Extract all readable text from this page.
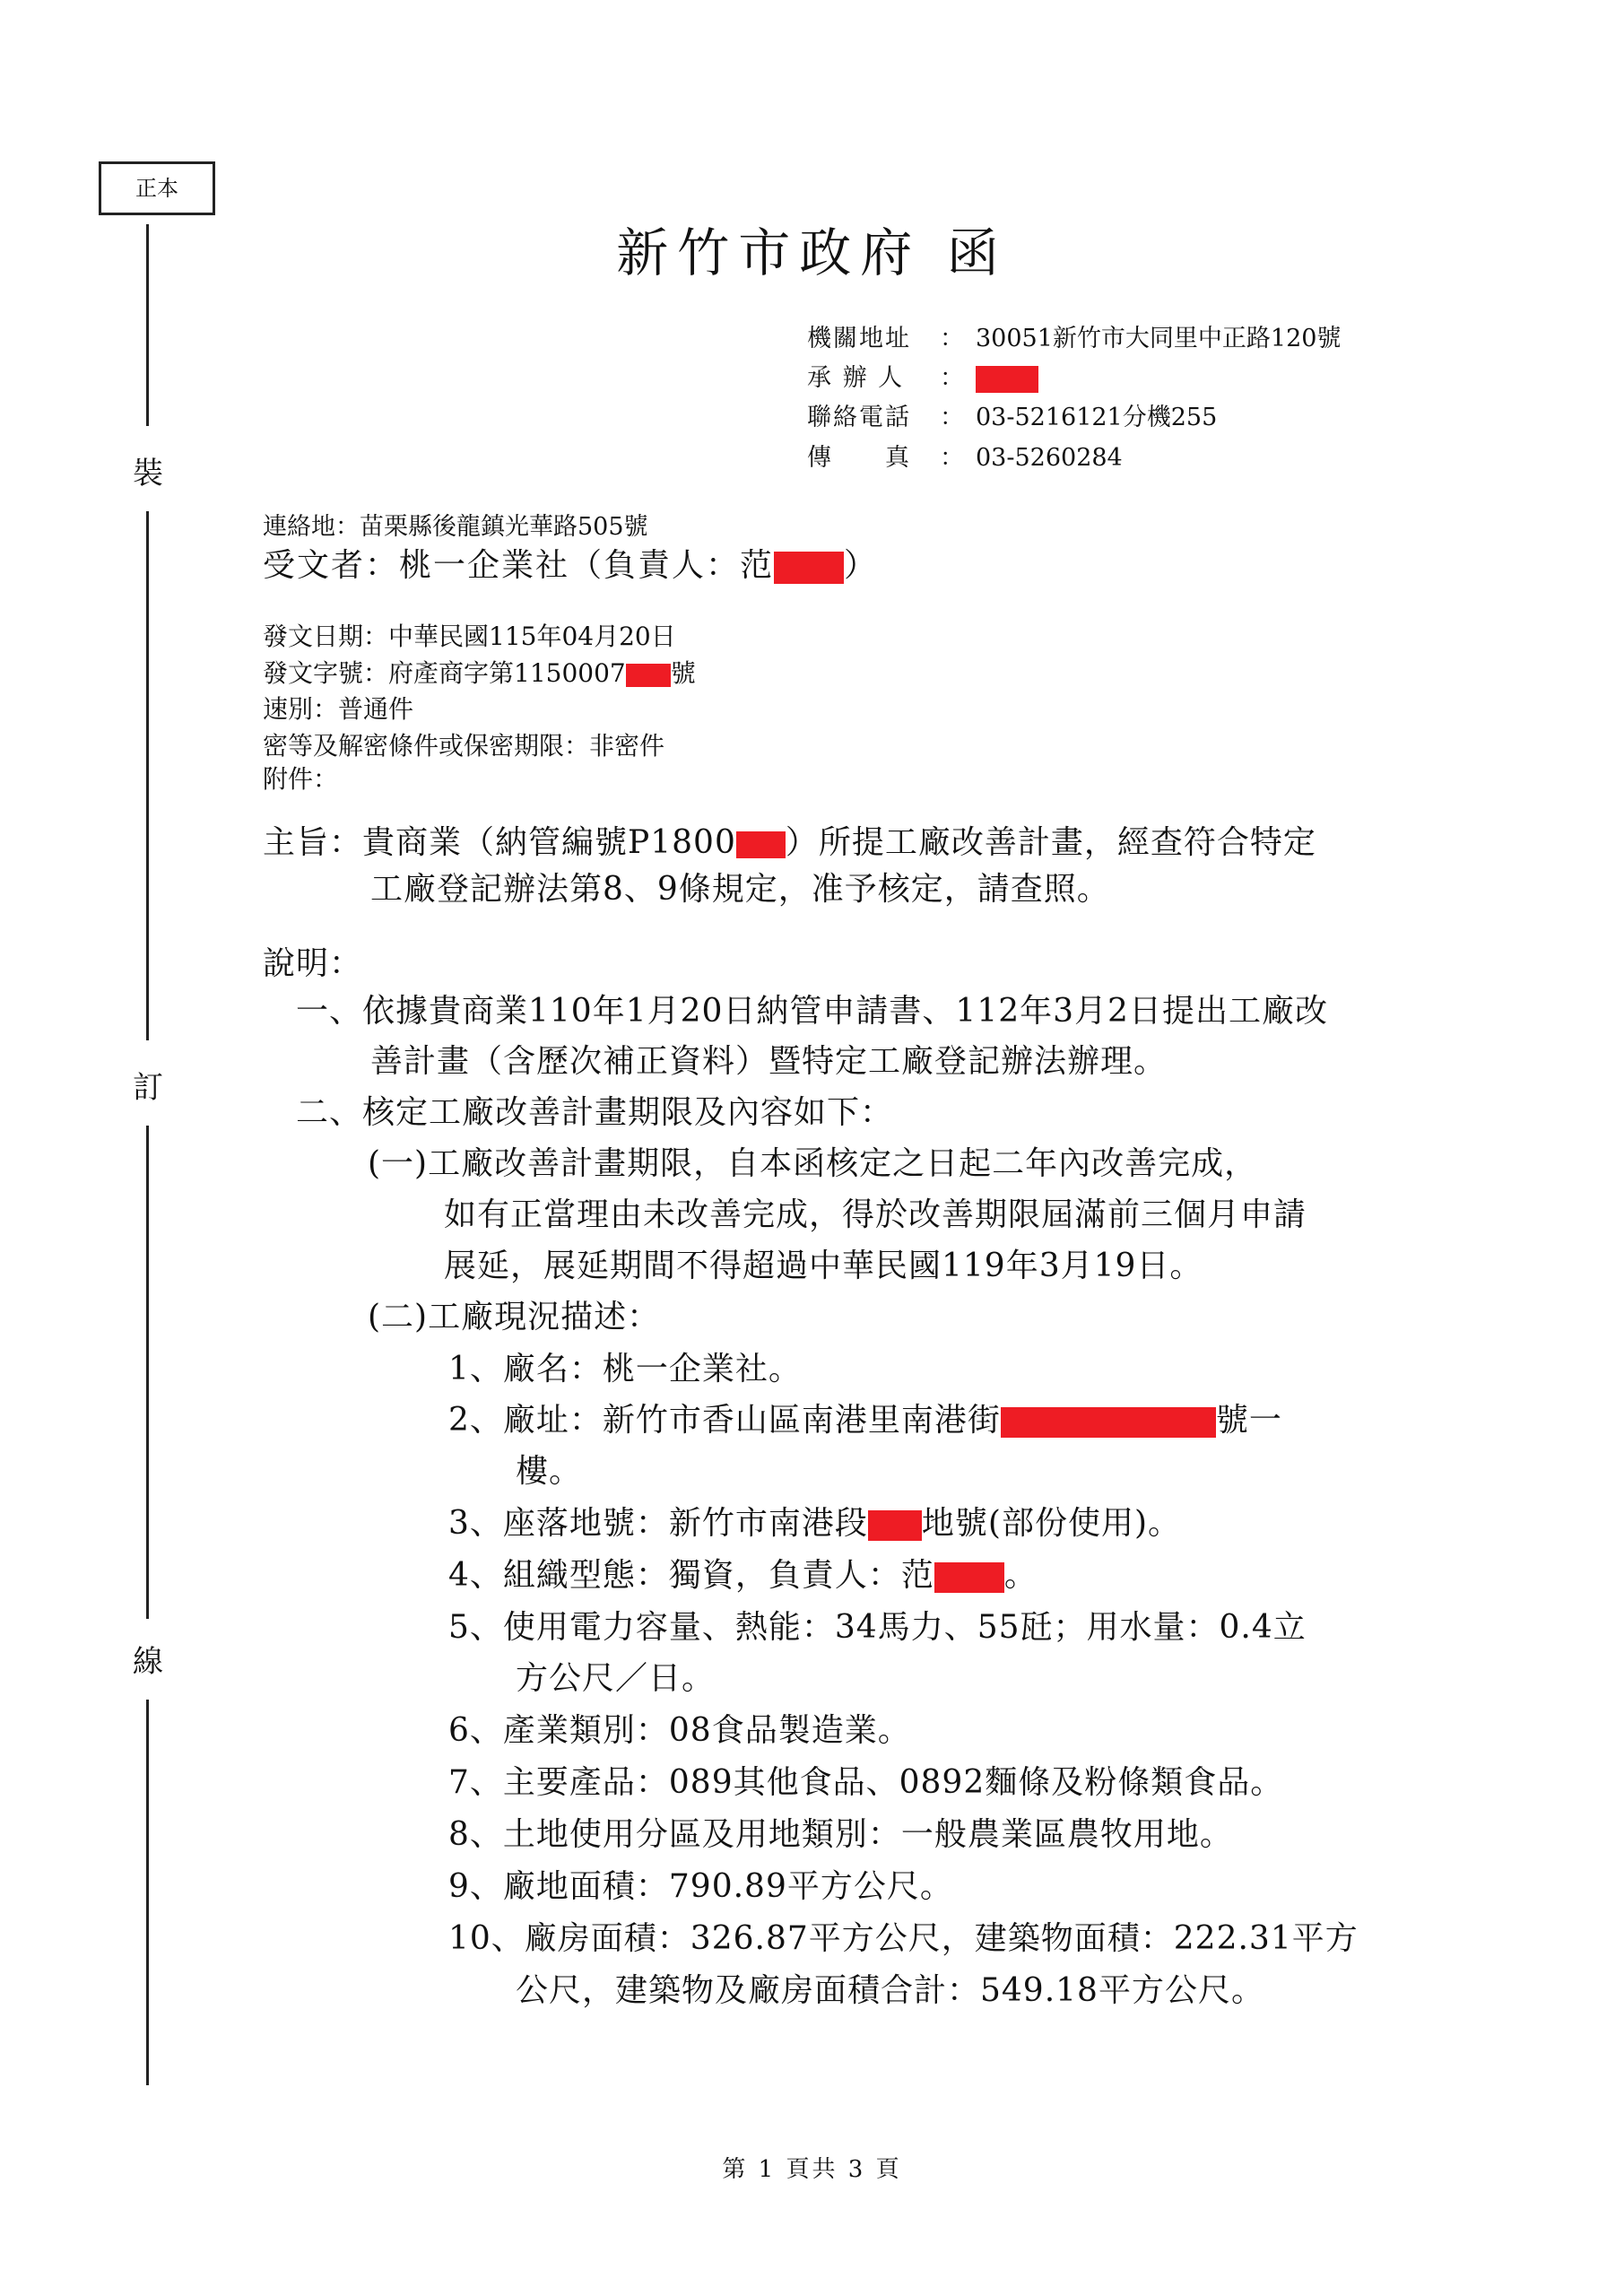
正本
裝
訂
線
新竹市政府 函
機關地址 ： 30051新竹市大同里中正路120號
承 辦 人 ：
聯絡電話 ： 03-5216121分機255
傳　　真 ： 03-5260284
連絡地：苗栗縣後龍鎮光華路505號
受文者：桃一企業社（負責人：范 ）
發文日期：中華民國115年04月20日
發文字號：府產商字第1150007 號
速別：普通件
密等及解密條件或保密期限：非密件
附件：
主旨：貴商業（納管編號P1800 ）所提工廠改善計畫，經查符合特定
工廠登記辦法第8、9條規定，准予核定，請查照。
說明：
一、依據貴商業110年1月20日納管申請書、112年3月2日提出工廠改
善計畫（含歷次補正資料）暨特定工廠登記辦法辦理。
二、核定工廠改善計畫期限及內容如下：
(一)工廠改善計畫期限，自本函核定之日起二年內改善完成，
如有正當理由未改善完成，得於改善期限屆滿前三個月申請
展延，展延期間不得超過中華民國119年3月19日。
(二)工廠現況描述：
1、廠名：桃一企業社。
2、廠址：新竹市香山區南港里南港街	號一
樓。
3、座落地號：新竹市南港段 地號(部份使用)。
4、組織型態：獨資，負責人：范 。
5、使用電力容量、熱能：34馬力、55瓩；用水量：0.4立
方公尺／日。
6、產業類別：08食品製造業。
7、主要產品：089其他食品、0892麵條及粉條類食品。
8、土地使用分區及用地類別：一般農業區農牧用地。
9、廠地面積：790.89平方公尺。
10、廠房面積：326.87平方公尺，建築物面積：222.31平方
公尺，建築物及廠房面積合計：549.18平方公尺。
第 1 頁共 3 頁
